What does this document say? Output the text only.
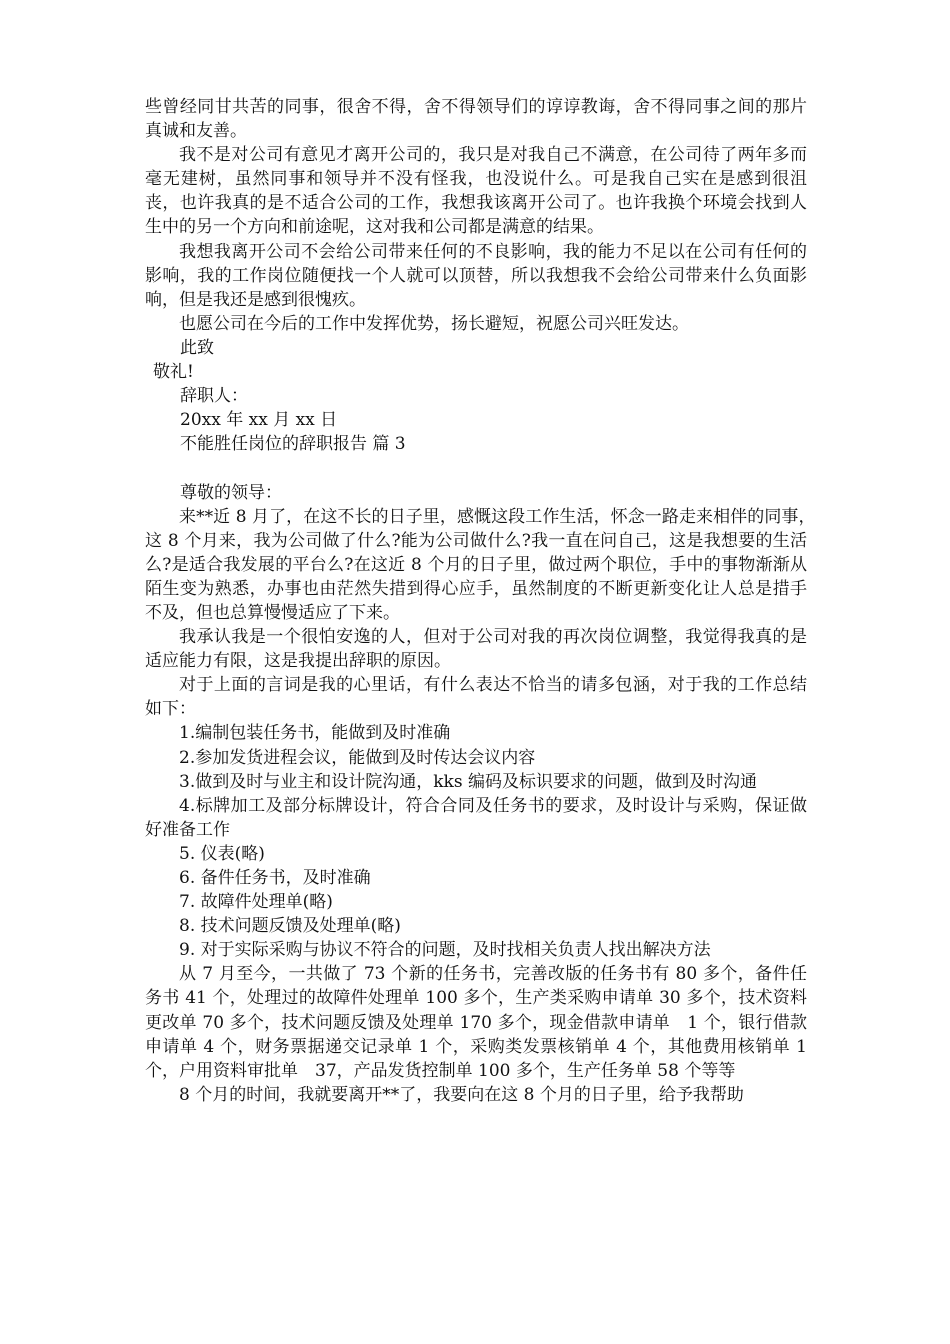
些曾经同甘共苦的同事，很舍不得，舍不得领导们的谆谆教诲，舍不得同事之间的那片真诚和友善。

我不是对公司有意见才离开公司的，我只是对我自己不满意，在公司待了两年多而毫无建树，虽然同事和领导并不没有怪我，也没说什么。可是我自己实在是感到很沮丧，也许我真的是不适合公司的工作，我想我该离开公司了。也许我换个环境会找到人生中的另一个方向和前途呢，这对我和公司都是满意的结果。

我想我离开公司不会给公司带来任何的不良影响，我的能力不足以在公司有任何的影响，我的工作岗位随便找一个人就可以顶替，所以我想我不会给公司带来什么负面影响，但是我还是感到很愧疚。

也愿公司在今后的工作中发挥优势，扬长避短，祝愿公司兴旺发达。

此致

敬礼!

辞职人：

20xx 年 xx 月 xx 日

不能胜任岗位的辞职报告 篇 3

尊敬的领导：

来**近 8 月了，在这不长的日子里，感慨这段工作生活，怀念一路走来相伴的同事，　这 8 个月来，我为公司做了什么?能为公司做什么?我一直在问自己，这是我想要的生活么?是适合我发展的平台么?在这近 8 个月的日子里，做过两个职位，手中的事物渐渐从陌生变为熟悉，办事也由茫然失措到得心应手，虽然制度的不断更新变化让人总是措手不及，但也总算慢慢适应了下来。

我承认我是一个很怕安逸的人，但对于公司对我的再次岗位调整，我觉得我真的是适应能力有限，这是我提出辞职的原因。

对于上面的言词是我的心里话，有什么表达不恰当的请多包涵，对于我的工作总结如下：

1.编制包装任务书，能做到及时准确

2.参加发货进程会议，能做到及时传达会议内容

3.做到及时与业主和设计院沟通，kks 编码及标识要求的问题，做到及时沟通

4.标牌加工及部分标牌设计，符合合同及任务书的要求，及时设计与采购，保证做好准备工作

5. 仪表(略)

6. 备件任务书，及时准确

7. 故障件处理单(略)

8. 技术问题反馈及处理单(略)

9. 对于实际采购与协议不符合的问题，及时找相关负责人找出解决方法

从 7 月至今，一共做了 73 个新的任务书，完善改版的任务书有 80 多个，备件任务书 41 个，处理过的故障件处理单 100 多个，生产类采购申请单 30 多个，技术资料更改单 70 多个，技术问题反馈及处理单 170 多个，现金借款申请单　1 个，银行借款申请单 4 个，财务票据递交记录单 1 个，采购类发票核销单 4 个，其他费用核销单 1 个，户用资料审批单　37，产品发货控制单 100 多个，生产任务单 58 个等等

8 个月的时间，我就要离开**了，我要向在这 8 个月的日子里，给予我帮助
